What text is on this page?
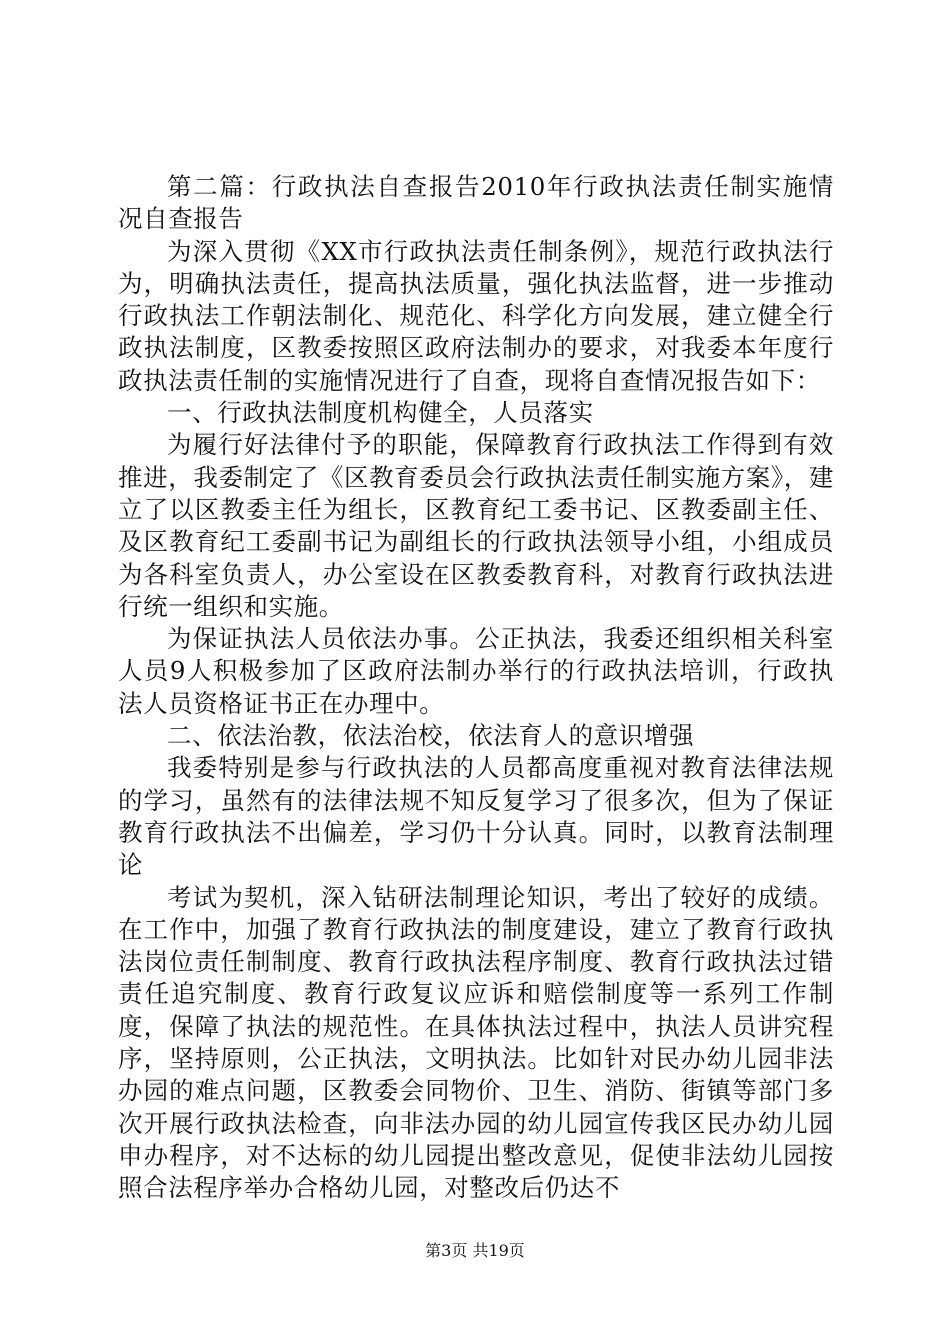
第二篇：行政执法自查报告2010年行政执法责任制实施情况自查报告

为深入贯彻《XX市行政执法责任制条例》，规范行政执法行为，明确执法责任，提高执法质量，强化执法监督，进一步推动行政执法工作朝法制化、规范化、科学化方向发展，建立健全行政执法制度，区教委按照区政府法制办的要求，对我委本年度行政执法责任制的实施情况进行了自查，现将自查情况报告如下：

一、行政执法制度机构健全，人员落实

为履行好法律付予的职能，保障教育行政执法工作得到有效推进，我委制定了《区教育委员会行政执法责任制实施方案》，建立了以区教委主任为组长，区教育纪工委书记、区教委副主任、及区教育纪工委副书记为副组长的行政执法领导小组，小组成员为各科室负责人，办公室设在区教委教育科，对教育行政执法进行统一组织和实施。

为保证执法人员依法办事。公正执法，我委还组织相关科室人员9人积极参加了区政府法制办举行的行政执法培训，行政执法人员资格证书正在办理中。

二、依法治教，依法治校，依法育人的意识增强

我委特别是参与行政执法的人员都高度重视对教育法律法规的学习，虽然有的法律法规不知反复学习了很多次，但为了保证教育行政执法不出偏差，学习仍十分认真。同时，以教育法制理论

考试为契机，深入钻研法制理论知识，考出了较好的成绩。在工作中，加强了教育行政执法的制度建设，建立了教育行政执法岗位责任制制度、教育行政执法程序制度、教育行政执法过错责任追究制度、教育行政复议应诉和赔偿制度等一系列工作制度，保障了执法的规范性。在具体执法过程中，执法人员讲究程序，坚持原则，公正执法，文明执法。比如针对民办幼儿园非法办园的难点问题，区教委会同物价、卫生、消防、街镇等部门多次开展行政执法检查，向非法办园的幼儿园宣传我区民办幼儿园申办程序，对不达标的幼儿园提出整改意见，促使非法幼儿园按照合法程序举办合格幼儿园，对整改后仍达不

第3页 共19页
